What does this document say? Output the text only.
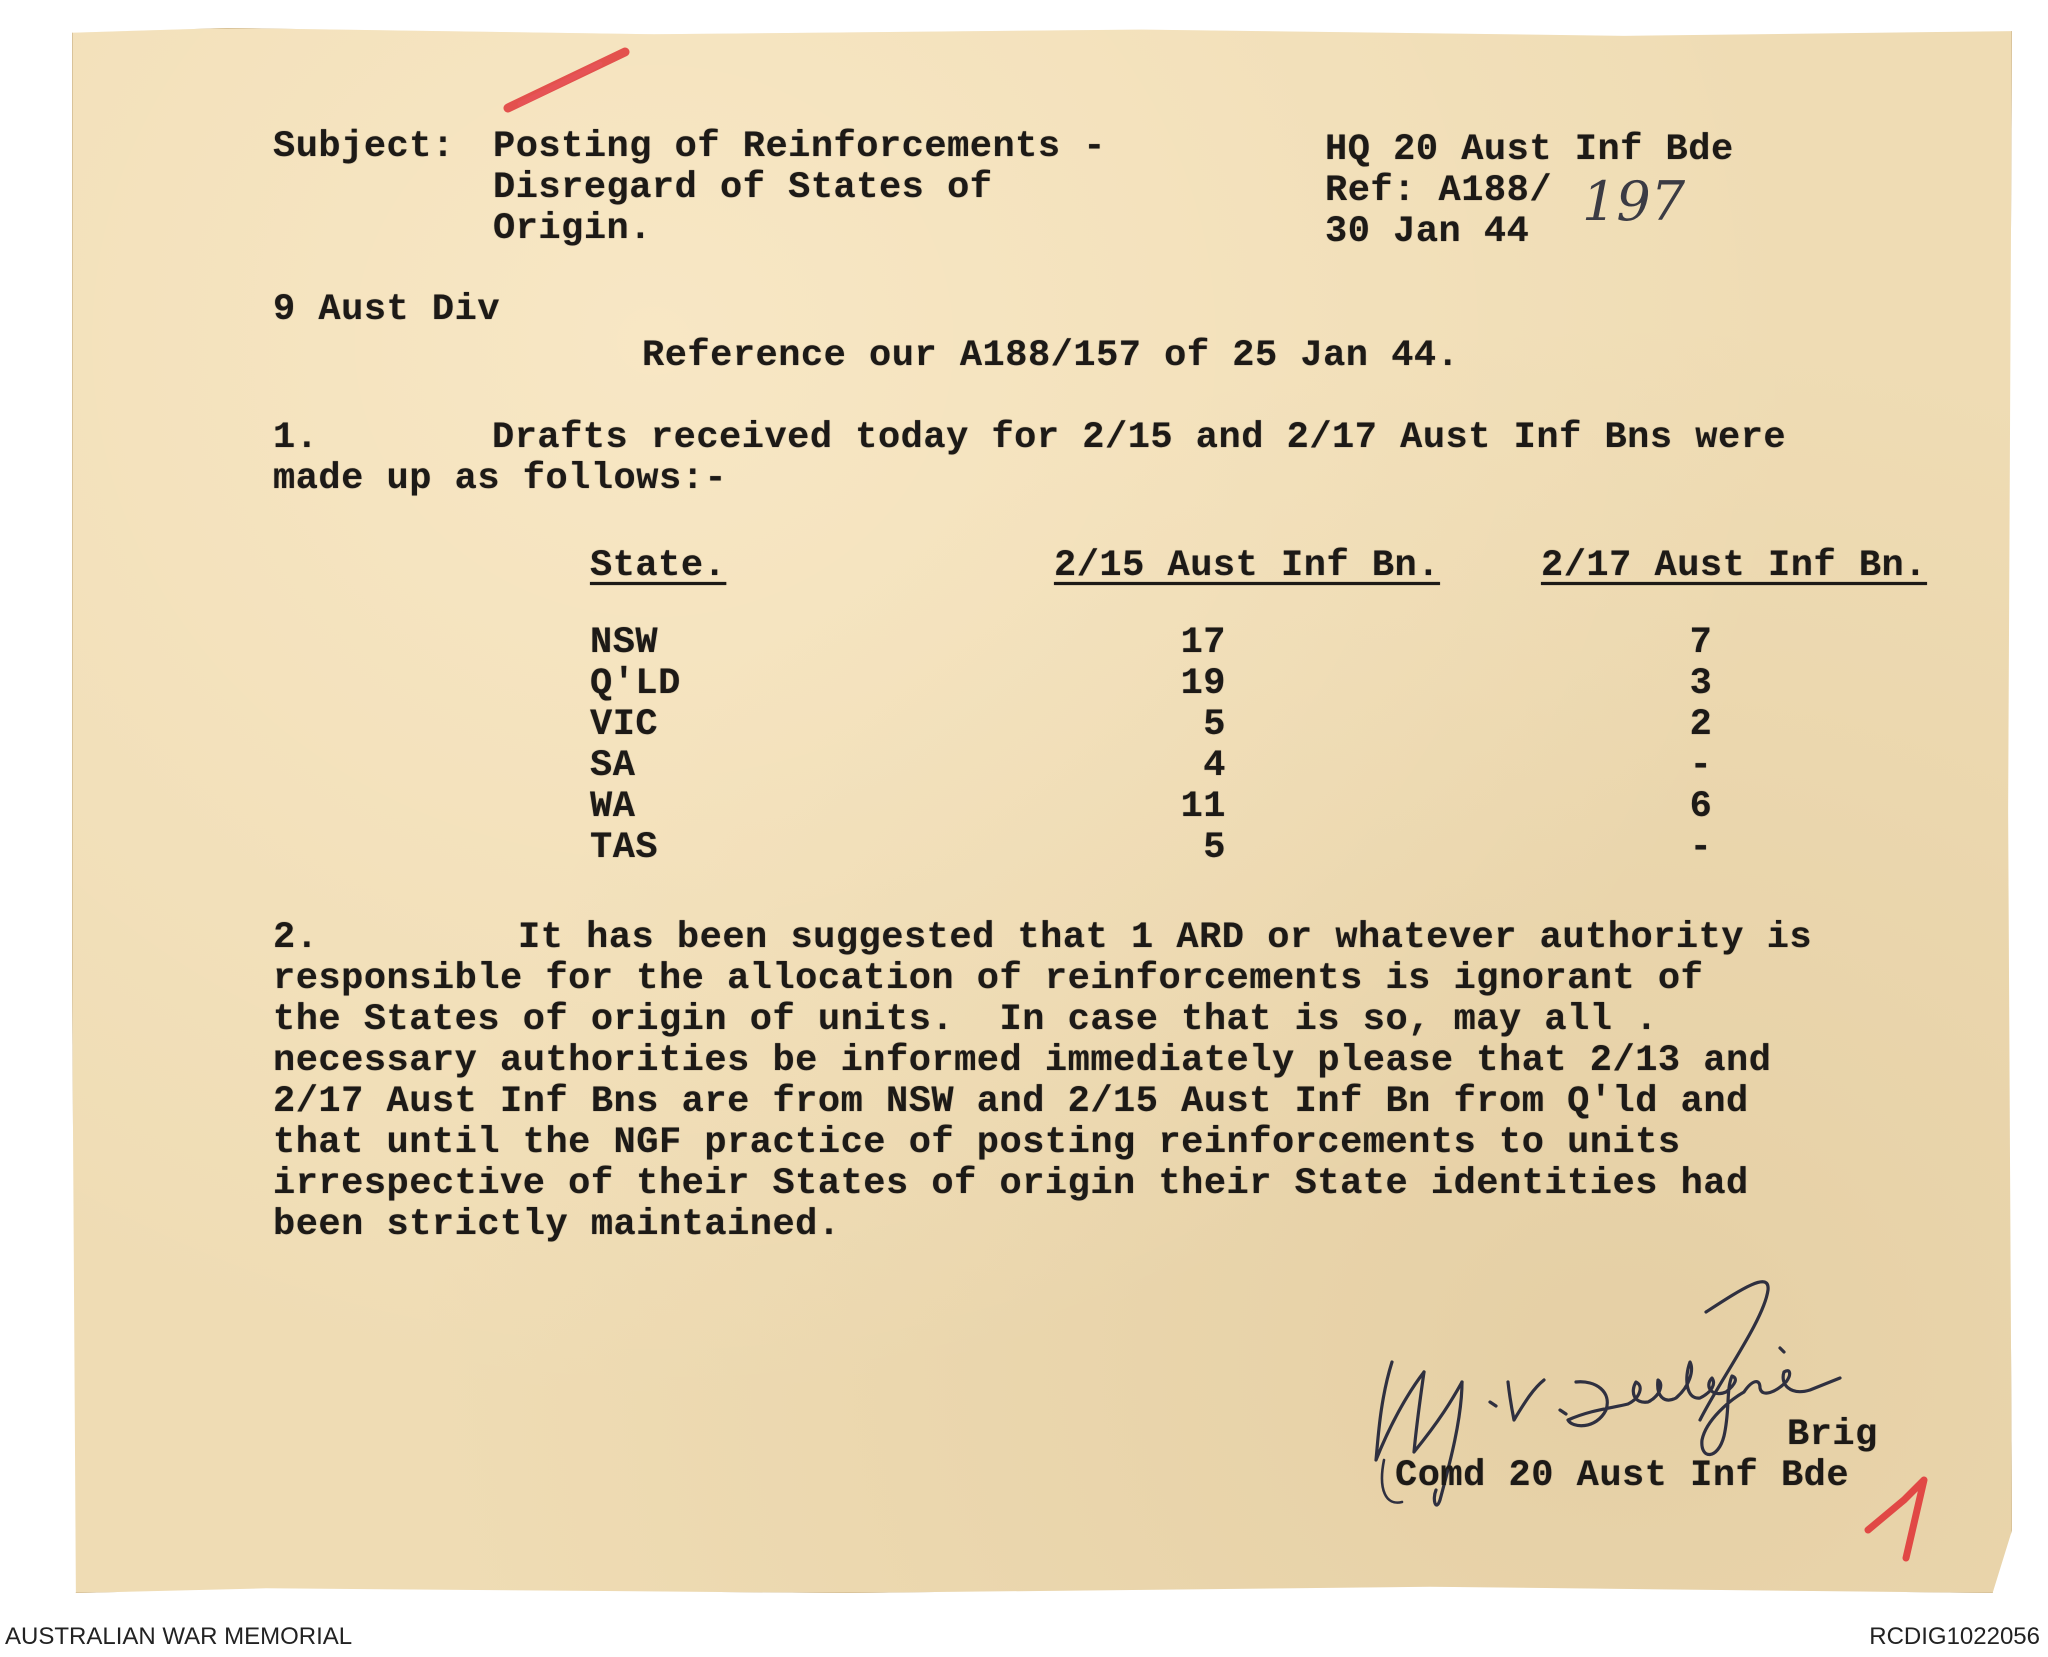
Subject: Posting of Reinforcements -
Disregard of States of
Origin.
HQ 20 Aust Inf Bde
Ref: A188/ 197
30 Jan 44
9 Aust Div
Reference our A188/157 of 25 Jan 44.
1.	Drafts received today for 2/15 and 2/17 Aust Inf Bns were
made up as follows:-
State.	2/15 Aust Inf Bn.	2/17 Aust Inf Bn.
NSW	17	7
Q'LD	19	3
VIC	5	2
SA	4	-
WA	11	6
TAS	5	-
2.	It has been suggested that 1 ARD or whatever authority is
responsible for the allocation of reinforcements is ignorant of
the States of origin of units.  In case that is so, may all .
necessary authorities be informed immediately please that 2/13 and
2/17 Aust Inf Bns are from NSW and 2/15 Aust Inf Bn from Q'ld and
that until the NGF practice of posting reinforcements to units
irrespective of their States of origin their State identities had
been strictly maintained.
Brig
Comd 20 Aust Inf Bde
AUSTRALIAN WAR MEMORIAL	RCDIG1022056
